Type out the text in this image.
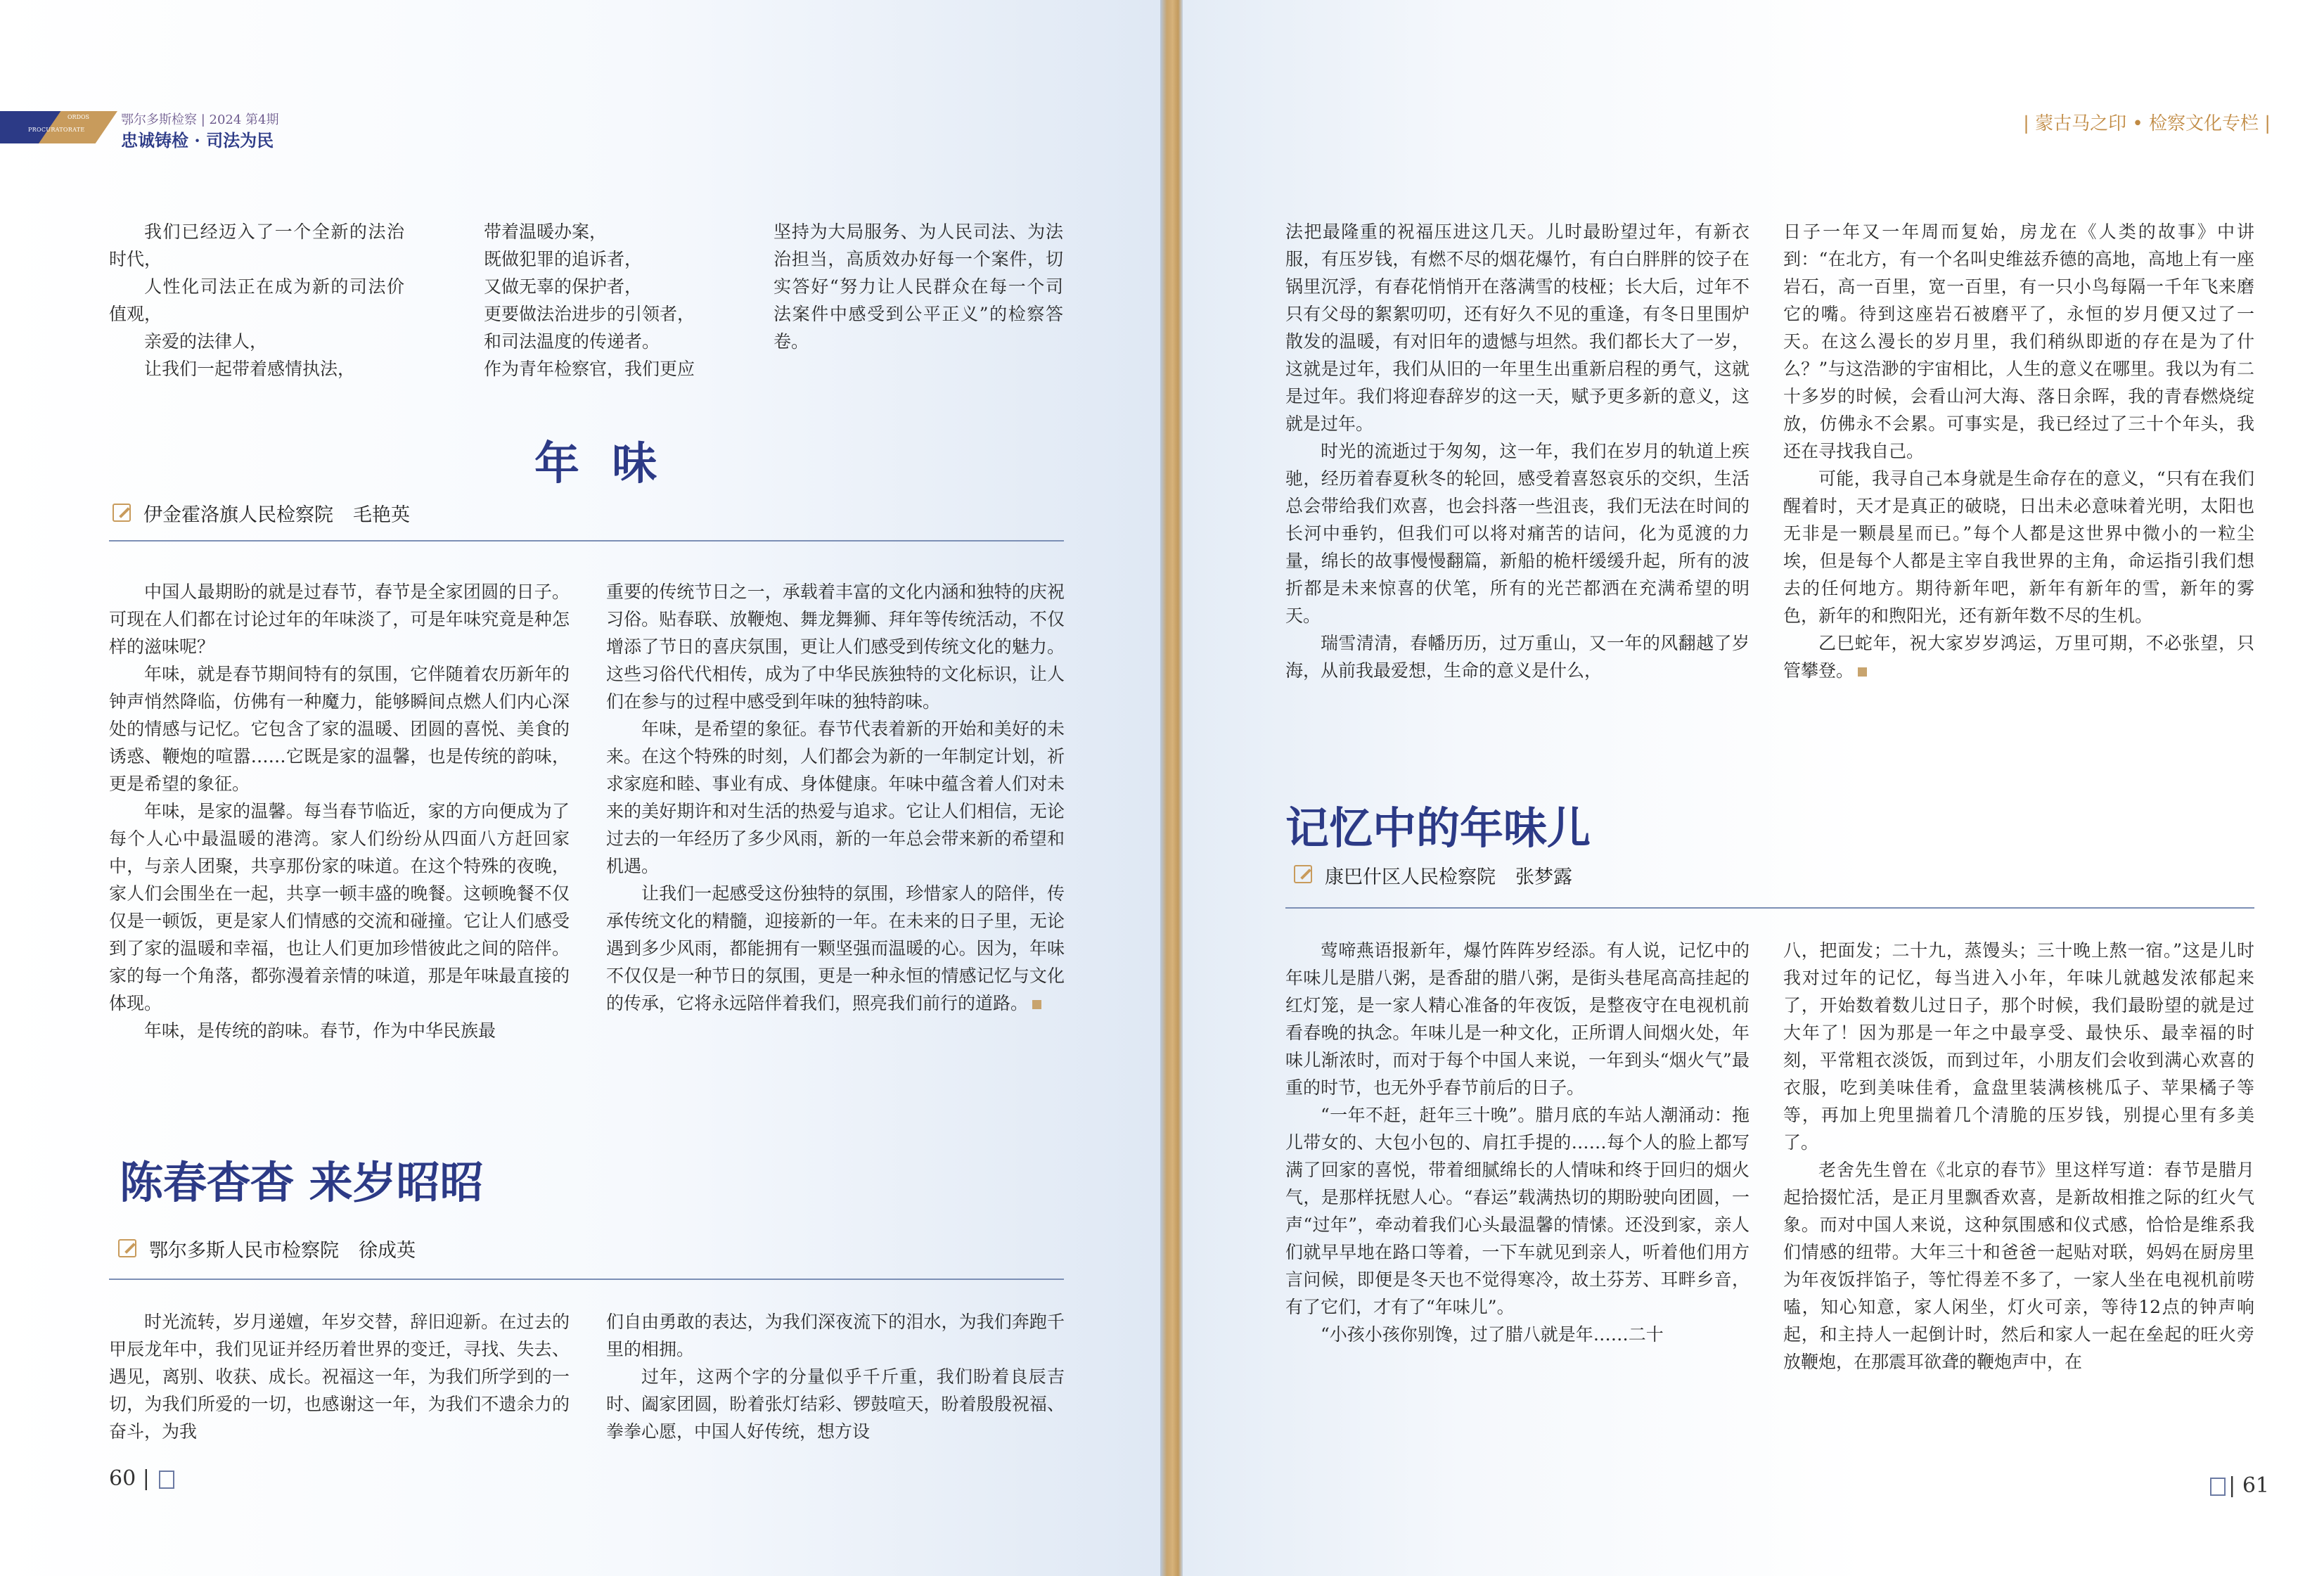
ORDOS
PROCURATORATE
鄂尔多斯检察 | 2024 第4期
忠诚铸检 · 司法为民

我们已经迈入了一个全新的法治时代，

人性化司法正在成为新的司法价值观，

亲爱的法律人，

让我们一起带着感情执法，

带着温暖办案，

既做犯罪的追诉者，

又做无辜的保护者，

更要做法治进步的引领者，

和司法温度的传递者。

作为青年检察官，我们更应

坚持为大局服务、为人民司法、为法治担当，高质效办好每一个案件，切实答好“努力让人民群众在每一个司法案件中感受到公平正义”的检察答卷。

年 味
伊金霍洛旗人民检察院 毛艳英

中国人最期盼的就是过春节，春节是全家团圆的日子。可现在人们都在讨论过年的年味淡了，可是年味究竟是种怎样的滋味呢？

年味，就是春节期间特有的氛围，它伴随着农历新年的钟声悄然降临，仿佛有一种魔力，能够瞬间点燃人们内心深处的情感与记忆。它包含了家的温暖、团圆的喜悦、美食的诱惑、鞭炮的喧嚣……它既是家的温馨，也是传统的韵味，更是希望的象征。

年味，是家的温馨。每当春节临近，家的方向便成为了每个人心中最温暖的港湾。家人们纷纷从四面八方赶回家中，与亲人团聚，共享那份家的味道。在这个特殊的夜晚，家人们会围坐在一起，共享一顿丰盛的晚餐。这顿晚餐不仅仅是一顿饭，更是家人们情感的交流和碰撞。它让人们感受到了家的温暖和幸福，也让人们更加珍惜彼此之间的陪伴。家的每一个角落，都弥漫着亲情的味道，那是年味最直接的体现。

年味，是传统的韵味。春节，作为中华民族最

重要的传统节日之一，承载着丰富的文化内涵和独特的庆祝习俗。贴春联、放鞭炮、舞龙舞狮、拜年等传统活动，不仅增添了节日的喜庆氛围，更让人们感受到传统文化的魅力。这些习俗代代相传，成为了中华民族独特的文化标识，让人们在参与的过程中感受到年味的独特韵味。

年味，是希望的象征。春节代表着新的开始和美好的未来。在这个特殊的时刻，人们都会为新的一年制定计划，祈求家庭和睦、事业有成、身体健康。年味中蕴含着人们对未来的美好期许和对生活的热爱与追求。它让人们相信，无论过去的一年经历了多少风雨，新的一年总会带来新的希望和机遇。

让我们一起感受这份独特的氛围，珍惜家人的陪伴，传承传统文化的精髓，迎接新的一年。在未来的日子里，无论遇到多少风雨，都能拥有一颗坚强而温暖的心。因为，年味不仅仅是一种节日的氛围，更是一种永恒的情感记忆与文化的传承，它将永远陪伴着我们，照亮我们前行的道路。

陈春杳杳 来岁昭昭
鄂尔多斯人民市检察院 徐成英

时光流转，岁月递嬗，年岁交替，辞旧迎新。在过去的甲辰龙年中，我们见证并经历着世界的变迁，寻找、失去、遇见，离别、收获、成长。祝福这一年，为我们所学到的一切，为我们所爱的一切，也感谢这一年，为我们不遗余力的奋斗，为我

们自由勇敢的表达，为我们深夜流下的泪水，为我们奔跑千里的相拥。

过年，这两个字的分量似乎千斤重，我们盼着良辰吉时、阖家团圆，盼着张灯结彩、锣鼓喧天，盼着殷殷祝福、拳拳心愿，中国人好传统，想方设

60 |
| 蒙古马之印 • 检察文化专栏 |

法把最隆重的祝福压进这几天。儿时最盼望过年，有新衣服，有压岁钱，有燃不尽的烟花爆竹，有白白胖胖的饺子在锅里沉浮，有春花悄悄开在落满雪的枝桠；长大后，过年不只有父母的絮絮叨叨，还有好久不见的重逢，有冬日里围炉散发的温暖，有对旧年的遗憾与坦然。我们都长大了一岁，这就是过年，我们从旧的一年里生出重新启程的勇气，这就是过年。我们将迎春辞岁的这一天，赋予更多新的意义，这就是过年。

时光的流逝过于匆匆，这一年，我们在岁月的轨道上疾驰，经历着春夏秋冬的轮回，感受着喜怒哀乐的交织，生活总会带给我们欢喜，也会抖落一些沮丧，我们无法在时间的长河中垂钓，但我们可以将对痛苦的诘问，化为觅渡的力量，绵长的故事慢慢翻篇，新船的桅杆缓缓升起，所有的波折都是未来惊喜的伏笔，所有的光芒都洒在充满希望的明天。

瑞雪清清，春幡历历，过万重山，又一年的风翻越了岁海，从前我最爱想，生命的意义是什么，

日子一年又一年周而复始，房龙在《人类的故事》中讲到：“在北方，有一个名叫史维兹乔德的高地，高地上有一座岩石，高一百里，宽一百里，有一只小鸟每隔一千年飞来磨它的嘴。待到这座岩石被磨平了，永恒的岁月便又过了一天。在这么漫长的岁月里，我们稍纵即逝的存在是为了什么？”与这浩渺的宇宙相比，人生的意义在哪里。我以为有二十多岁的时候，会看山河大海、落日余晖，我的青春燃烧绽放，仿佛永不会累。可事实是，我已经过了三十个年头，我还在寻找我自己。

可能，我寻自己本身就是生命存在的意义，“只有在我们醒着时，天才是真正的破晓，日出未必意味着光明，太阳也无非是一颗晨星而已。”每个人都是这世界中微小的一粒尘埃，但是每个人都是主宰自我世界的主角，命运指引我们想去的任何地方。期待新年吧，新年有新年的雪，新年的雾色，新年的和煦阳光，还有新年数不尽的生机。

乙巳蛇年，祝大家岁岁鸿运，万里可期，不必张望，只管攀登。

记忆中的年味儿
康巴什区人民检察院 张梦露

莺啼燕语报新年，爆竹阵阵岁经添。有人说，记忆中的年味儿是腊八粥，是香甜的腊八粥，是街头巷尾高高挂起的红灯笼，是一家人精心准备的年夜饭，是整夜守在电视机前看春晚的执念。年味儿是一种文化，正所谓人间烟火处，年味儿渐浓时，而对于每个中国人来说，一年到头“烟火气”最重的时节，也无外乎春节前后的日子。

“一年不赶，赶年三十晚”。腊月底的车站人潮涌动：拖儿带女的、大包小包的、肩扛手提的……每个人的脸上都写满了回家的喜悦，带着细腻绵长的人情味和终于回归的烟火气，是那样抚慰人心。“春运”载满热切的期盼驶向团圆，一声“过年”，牵动着我们心头最温馨的情愫。还没到家，亲人们就早早地在路口等着，一下车就见到亲人，听着他们用方言问候，即便是冬天也不觉得寒冷，故土芬芳、耳畔乡音，有了它们，才有了“年味儿”。

“小孩小孩你别馋，过了腊八就是年……二十

八，把面发；二十九，蒸馒头；三十晚上熬一宿。”这是儿时我对过年的记忆，每当进入小年，年味儿就越发浓郁起来了，开始数着数儿过日子，那个时候，我们最盼望的就是过大年了！因为那是一年之中最享受、最快乐、最幸福的时刻，平常粗衣淡饭，而到过年，小朋友们会收到满心欢喜的衣服，吃到美味佳肴，盒盘里装满核桃瓜子、苹果橘子等等，再加上兜里揣着几个清脆的压岁钱，别提心里有多美了。

老舍先生曾在《北京的春节》里这样写道：春节是腊月起拾掇忙活，是正月里飘香欢喜，是新故相推之际的红火气象。而对中国人来说，这种氛围感和仪式感，恰恰是维系我们情感的纽带。大年三十和爸爸一起贴对联，妈妈在厨房里为年夜饭拌馅子，等忙得差不多了，一家人坐在电视机前唠嗑，知心知意，家人闲坐，灯火可亲，等待12点的钟声响起，和主持人一起倒计时，然后和家人一起在垒起的旺火旁放鞭炮，在那震耳欲聋的鞭炮声中，在

| 61
